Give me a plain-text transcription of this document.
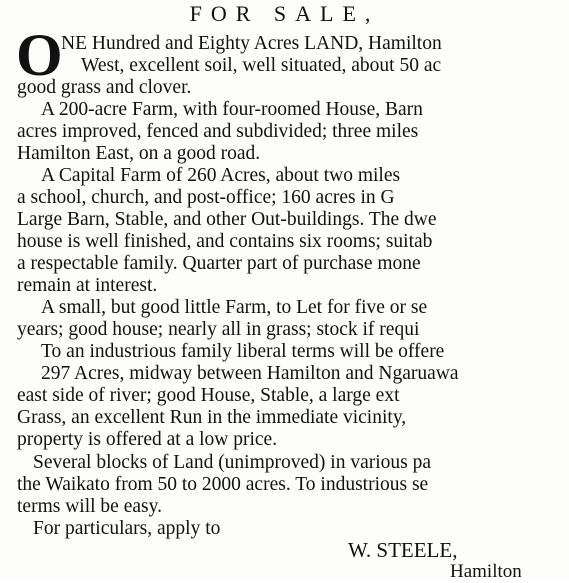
FOR SALE,
O
NE Hundred and Eighty Acres LAND, Hamilton
West, excellent soil, well situated, about 50 ac
good grass and clover.
A 200-acre Farm, with four-roomed House, Barn
acres improved, fenced and subdivided; three miles
Hamilton East, on a good road.
A Capital Farm of 260 Acres, about two miles
a school, church, and post-office; 160 acres in G
Large Barn, Stable, and other Out-buildings. The dwe
house is well finished, and contains six rooms; suitab
a respectable family. Quarter part of purchase mone
remain at interest.
A small, but good little Farm, to Let for five or se
years; good house; nearly all in grass; stock if requi
To an industrious family liberal terms will be offere
297 Acres, midway between Hamilton and Ngaruawa
east side of river; good House, Stable, a large ext
Grass, an excellent Run in the immediate vicinity,
property is offered at a low price.
Several blocks of Land (unimproved) in various pa
the Waikato from 50 to 2000 acres. To industrious se
terms will be easy.
For particulars, apply to
W. STEELE,
Hamilton
